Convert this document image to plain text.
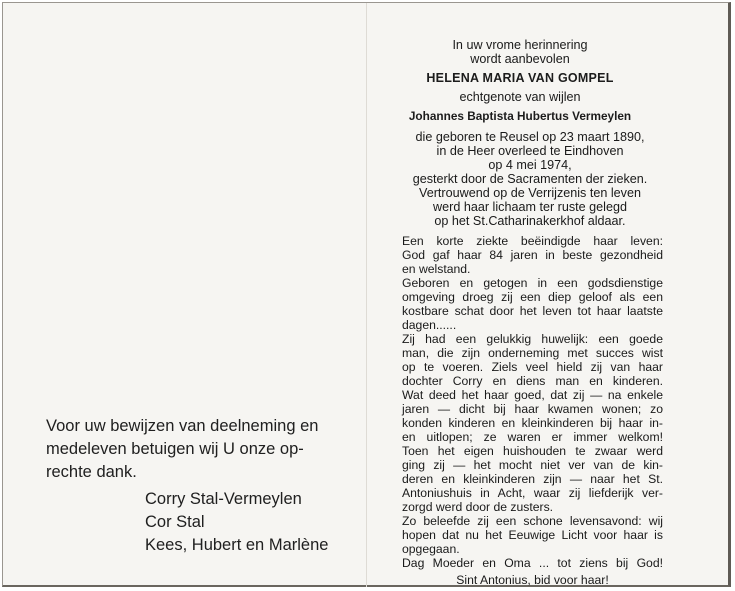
Voor uw bewijzen van deelneming en
medeleven betuigen wij U onze op-
rechte dank.
Corry Stal-Vermeylen
Cor Stal
Kees, Hubert en Marlène
In uw vrome herinnering
wordt aanbevolen
HELENA MARIA VAN GOMPEL
echtgenote van wijlen
Johannes Baptista Hubertus Vermeylen
die geboren te Reusel op 23 maart 1890,
in de Heer overleed te Eindhoven
op 4 mei 1974,
gesterkt door de Sacramenten der zieken.
Vertrouwend op de Verrijzenis ten leven
werd haar lichaam ter ruste gelegd
op het St.Catharinakerkhof aldaar.
Een korte ziekte beëindigde haar leven:
God gaf haar 84 jaren in beste gezondheid
en welstand.
Geboren en getogen in een godsdienstige
omgeving droeg zij een diep geloof als een
kostbare schat door het leven tot haar laatste
dagen......
Zij had een gelukkig huwelijk: een goede
man, die zijn onderneming met succes wist
op te voeren. Ziels veel hield zij van haar
dochter Corry en diens man en kinderen.
Wat deed het haar goed, dat zij — na enkele
jaren — dicht bij haar kwamen wonen; zo
konden kinderen en kleinkinderen bij haar in-
en uitlopen; ze waren er immer welkom!
Toen het eigen huishouden te zwaar werd
ging zij — het mocht niet ver van de kin-
deren en kleinkinderen zijn — naar het St.
Antoniushuis in Acht, waar zij liefderijk ver-
zorgd werd door de zusters.
Zo beleefde zij een schone levensavond: wij
hopen dat nu het Eeuwige Licht voor haar is
opgegaan.
Dag Moeder en Oma ... tot ziens bij God!
Sint Antonius, bid voor haar!
